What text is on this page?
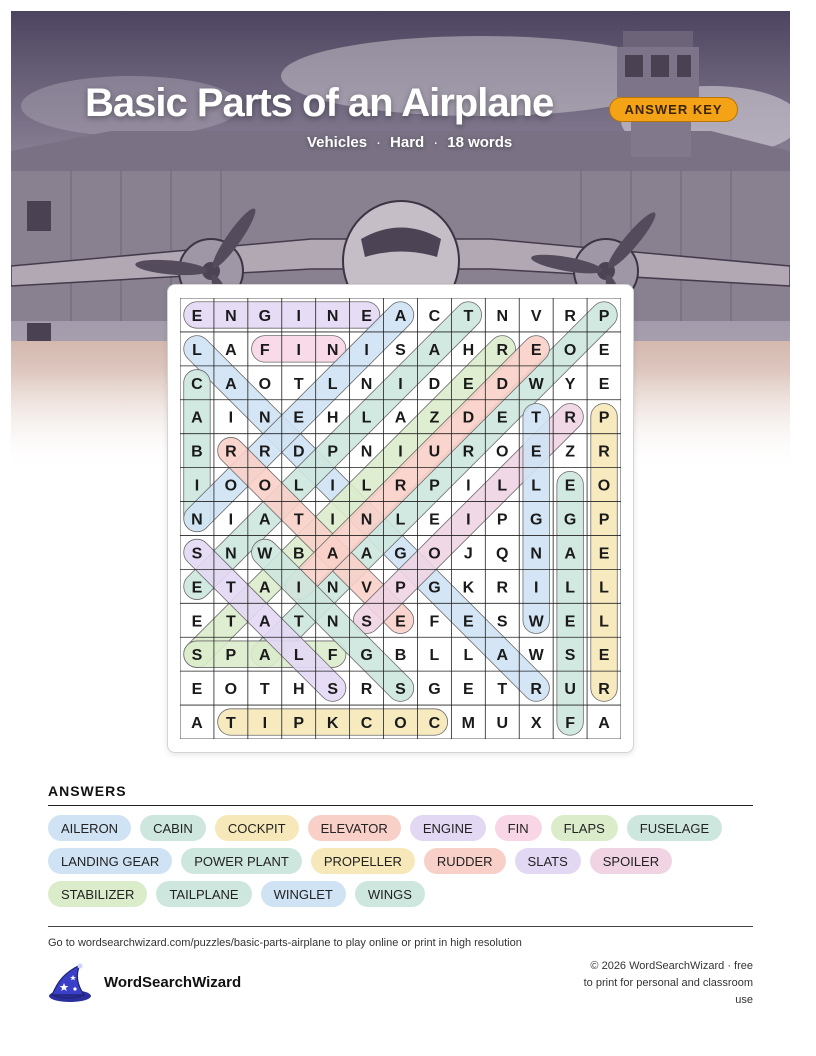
Basic Parts of an Airplane	ANSWER KEY
Vehicles · Hard · 18 words
E N G I N E A C T N V R P
L A F I N I S A H R E O E
C A O T L N I D E D W Y E
A I N E H L A Z D E T R P
B R R D P N I U R O E Z R
I O O L I L R P I L L E O
N I A T I N L E I P G G P
S N W B A A G O J Q N A E
E T A I N V P G K R I L L
E T A T N S E F E S W E L
S P A L F G B L L A W S E
E O T H S R S G E T R U R
A T I P K C O C M U X F A
ANSWERS
AILERON	CABIN	COCKPIT	ELEVATOR	ENGINE	FIN	FLAPS	FUSELAGE
LANDING GEAR	POWER PLANT	PROPELLER	RUDDER	SLATS	SPOILER
STABILIZER	TAILPLANE	WINGLET	WINGS
Go to wordsearchwizard.com/puzzles/basic-parts-airplane to play online or print in high resolution
WordSearchWizard
© 2026 WordSearchWizard · free to print for personal and classroom use
